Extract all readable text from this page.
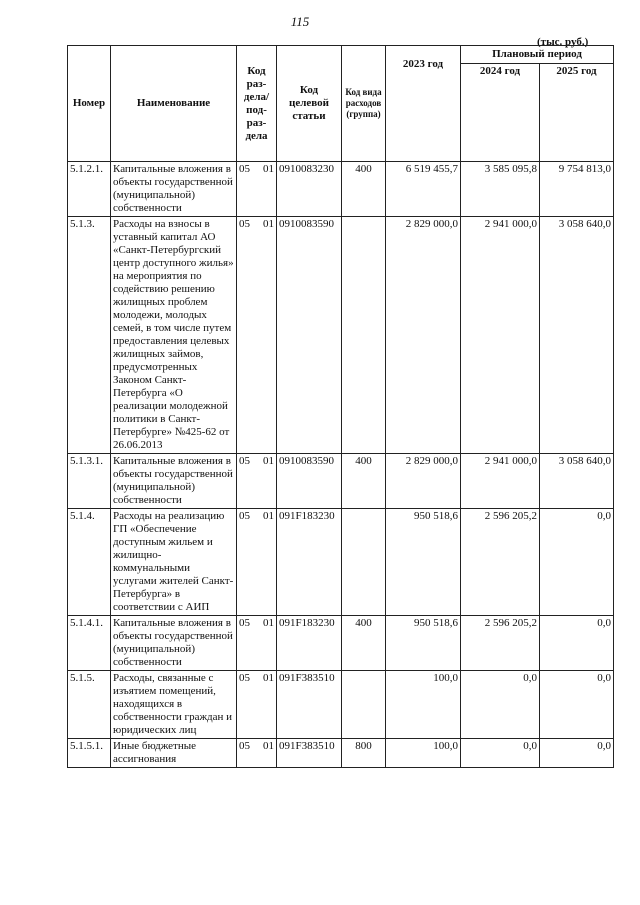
115
(тыс. руб.)
Номер	Наименование	Код раз-дела/ под-раз-дела	Код целевой статьи	Код вида расходов (группа)	2023 год	Плановый период	
						2024 год	2025 год
5.1.2.1.	Капитальные вложения в объекты государственной (муниципальной) собственности	05 01	0910083230	400	6 519 455,7	3 585 095,8	9 754 813,0
5.1.3.	Расходы на взносы в уставный капитал АО «Санкт-Петербургский центр доступного жилья» на мероприятия по содействию решению жилищных проблем молодежи, молодых семей, в том числе путем предоставления целевых жилищных займов, предусмотренных Законом Санкт-Петербурга «О реализации молодежной политики в Санкт-Петербурге» №425-62 от 26.06.2013	05 01	0910083590		2 829 000,0	2 941 000,0	3 058 640,0
5.1.3.1.	Капитальные вложения в объекты государственной (муниципальной) собственности	05 01	0910083590	400	2 829 000,0	2 941 000,0	3 058 640,0
5.1.4.	Расходы на реализацию ГП «Обеспечение доступным жильем и жилищно-коммунальными услугами жителей Санкт-Петербурга» в соответствии с АИП	05 01	091F183230		950 518,6	2 596 205,2	0,0
5.1.4.1.	Капитальные вложения в объекты государственной (муниципальной) собственности	05 01	091F183230	400	950 518,6	2 596 205,2	0,0
5.1.5.	Расходы, связанные с изъятием помещений, находящихся в собственности граждан и юридических лиц	05 01	091F383510		100,0	0,0	0,0
5.1.5.1.	Иные бюджетные ассигнования	05 01	091F383510	800	100,0	0,0	0,0
